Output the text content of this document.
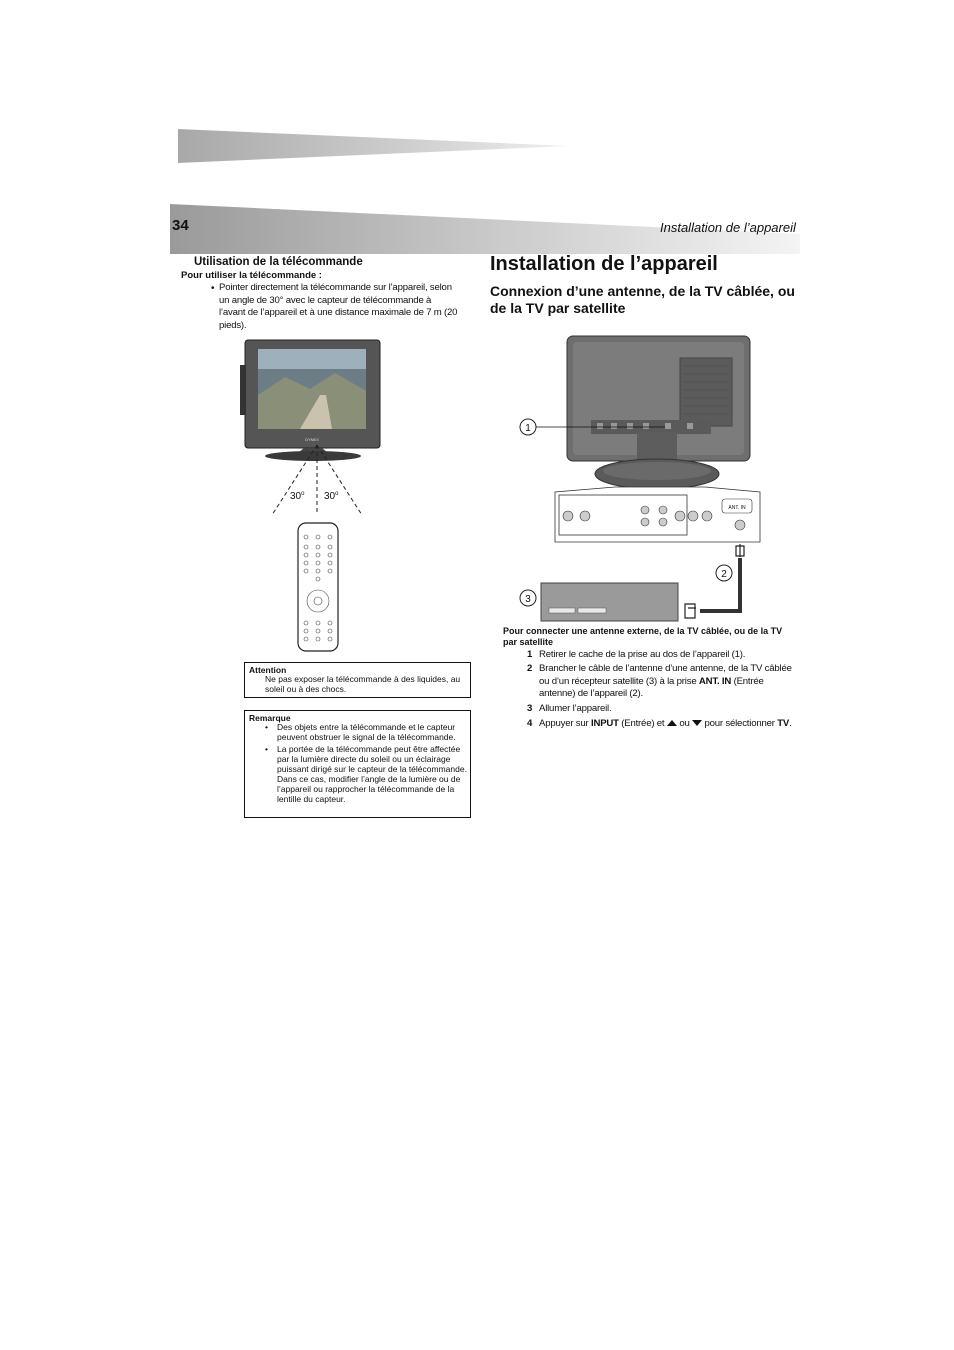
34	Installation de l’appareil
Utilisation de la télécommande
Pour utiliser la télécommande :
• Pointer directement la télécommande sur l’appareil, selon un angle de 30° avec le capteur de télécommande à l’avant de l’appareil et à une distance maximale de 7 m (20 pieds).
DYNEX
30$^o$ 30$^o$
Attention
Ne pas exposer la télécommande à des liquides, au soleil ou à des chocs.
Remarque
• Des objets entre la télécommande et le capteur peuvent obstruer le signal de la télécommande.
• La portée de la télécommande peut être affectée par la lumière directe du soleil ou un éclairage puissant dirigé sur le capteur de la télécommande. Dans ce cas, modifier l’angle de la lumière ou de l’appareil ou rapprocher la télécommande de la lentille du capteur.
Installation de l’appareil
Connexion d’une antenne, de la TV câblée, ou de la TV par satellite
1
ANT. IN
2
3
Pour connecter une antenne externe, de la TV câblée, ou de la TV par satellite
1 Retirer le cache de la prise au dos de l’appareil (1).
2 Brancher le câble de l’antenne d’une antenne, de la TV câblée ou d’un récepteur satellite (3) à la prise ANT. IN (Entrée antenne) de l’appareil (2).
3 Allumer l’appareil.
4 Appuyer sur INPUT (Entrée) et  ou  pour sélectionner TV.
